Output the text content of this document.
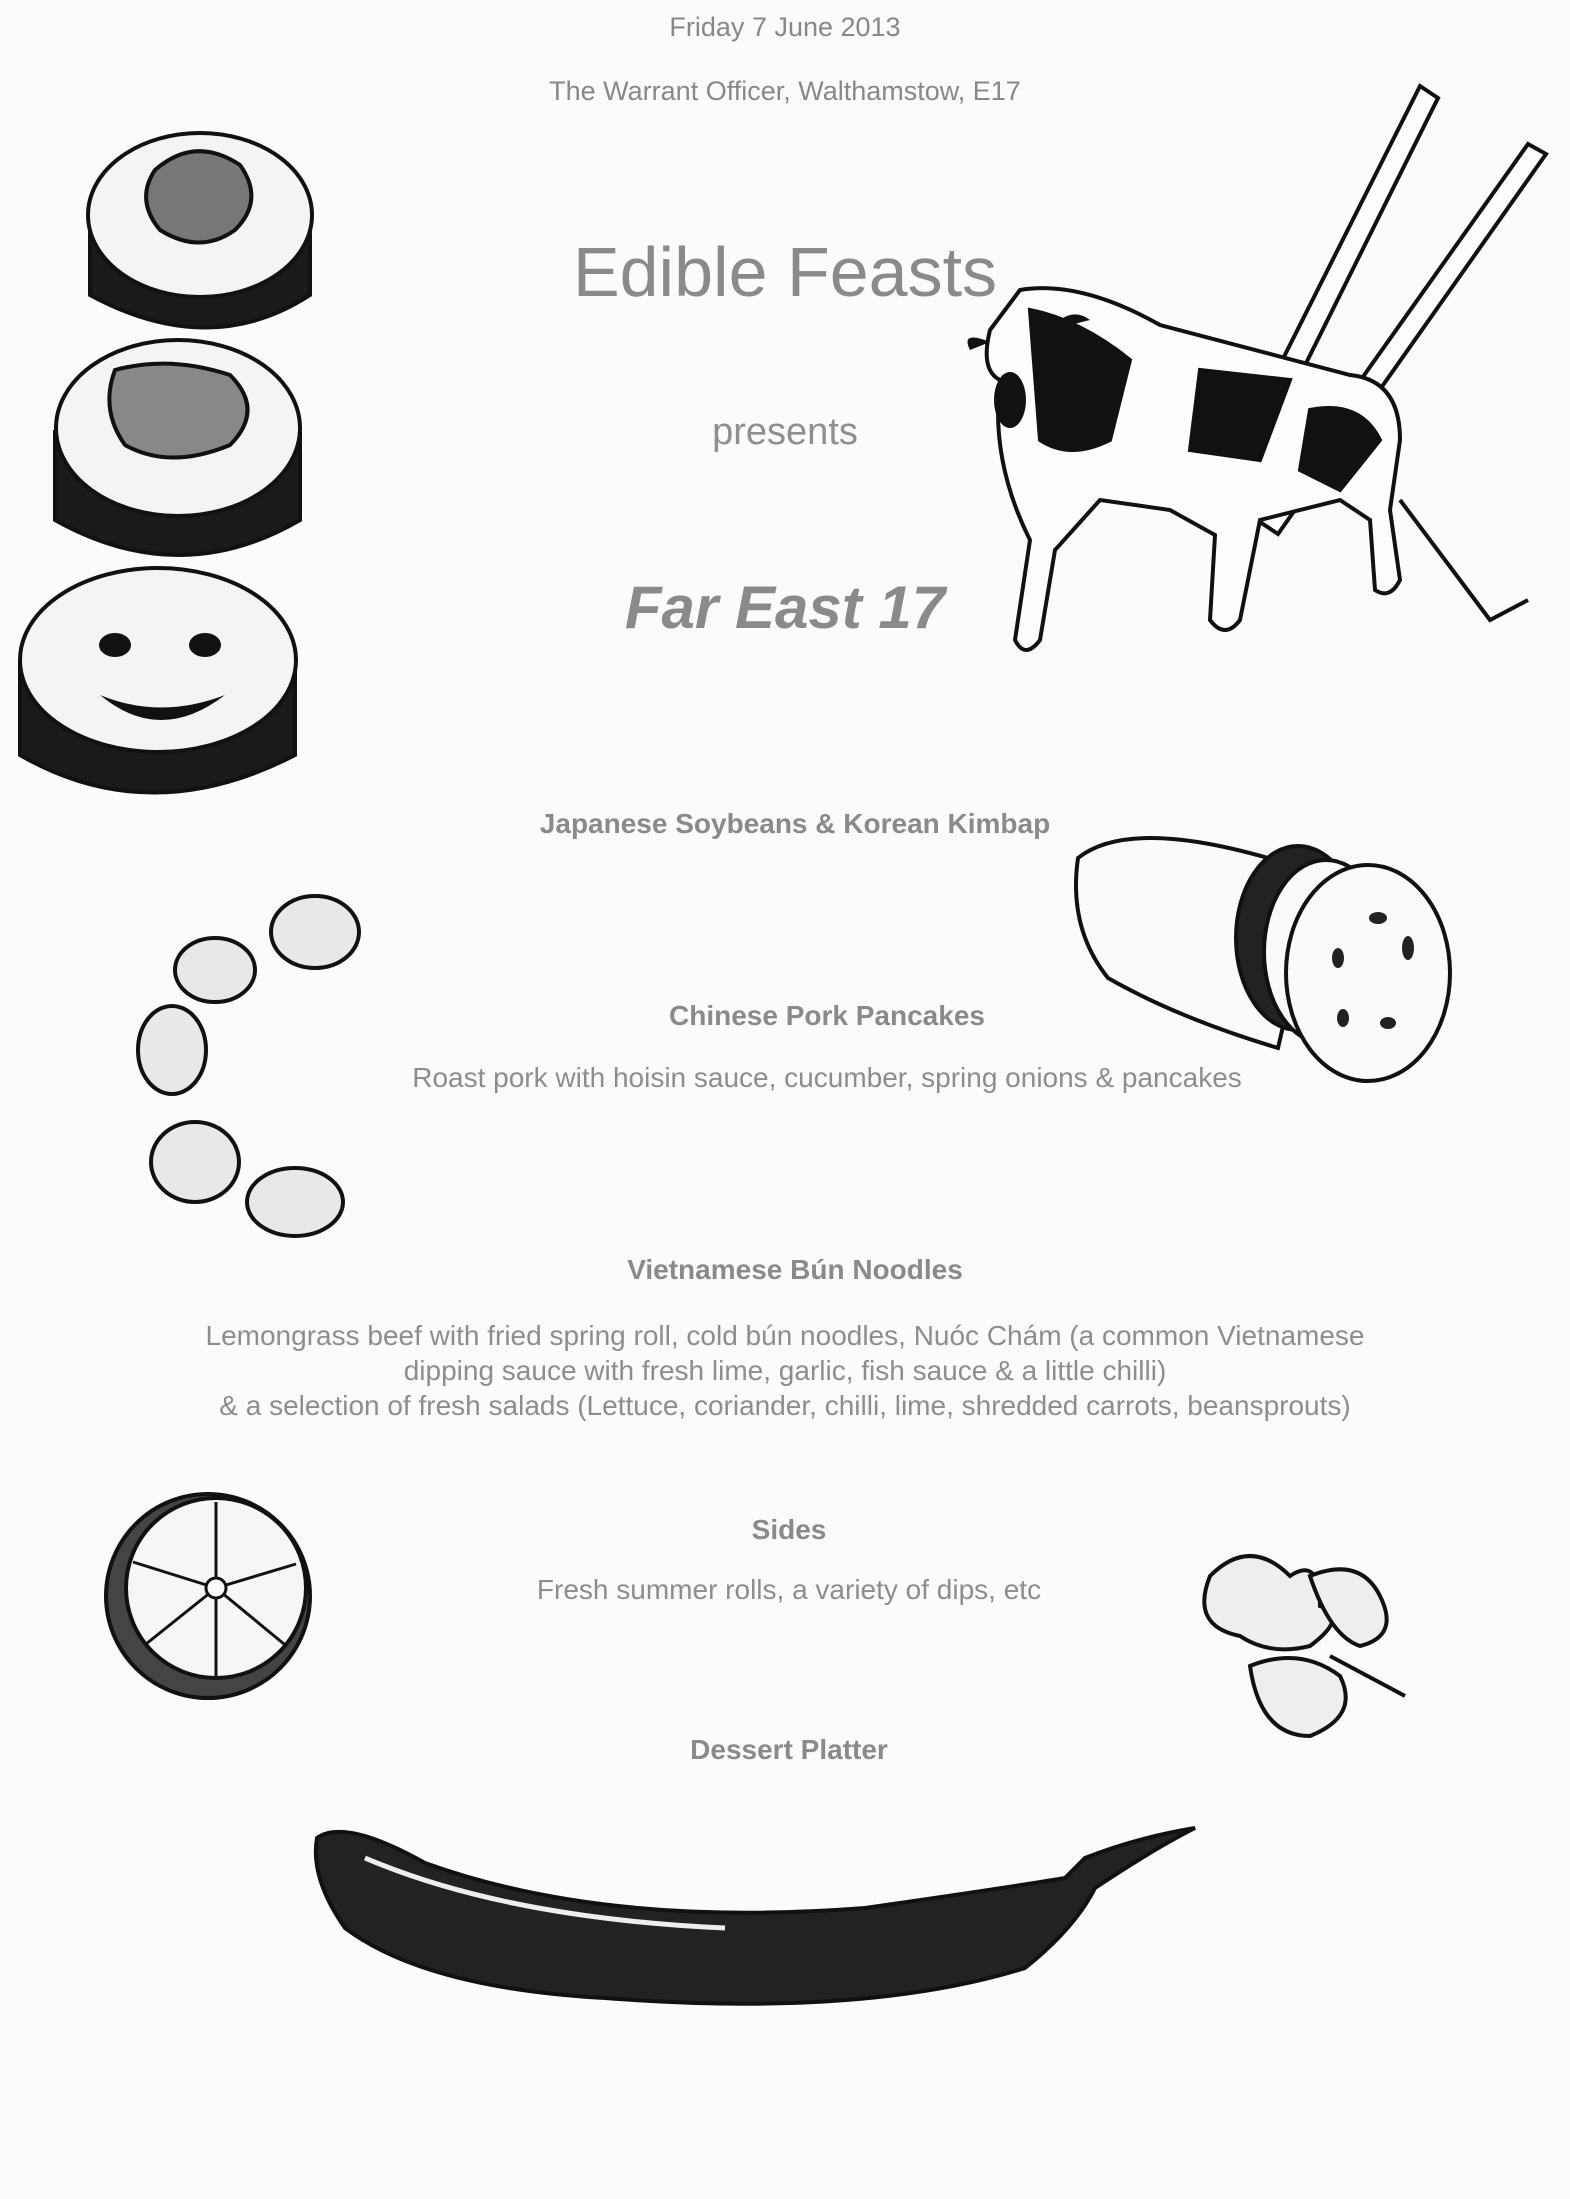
Friday 7 June 2013
The Warrant Officer, Walthamstow, E17
Edible Feasts
presents
Far East 17
Japanese Soybeans & Korean Kimbap
Chinese Pork Pancakes
Roast pork with hoisin sauce, cucumber, spring onions & pancakes
Vietnamese Bún Noodles
Lemongrass beef with fried spring roll, cold bún noodles, Nuóc Chám (a common Vietnamese
dipping sauce with fresh lime, garlic, fish sauce & a little chilli)
& a selection of fresh salads (Lettuce, coriander, chilli, lime, shredded carrots, beansprouts)
Sides
Fresh summer rolls, a variety of dips, etc
Dessert Platter
